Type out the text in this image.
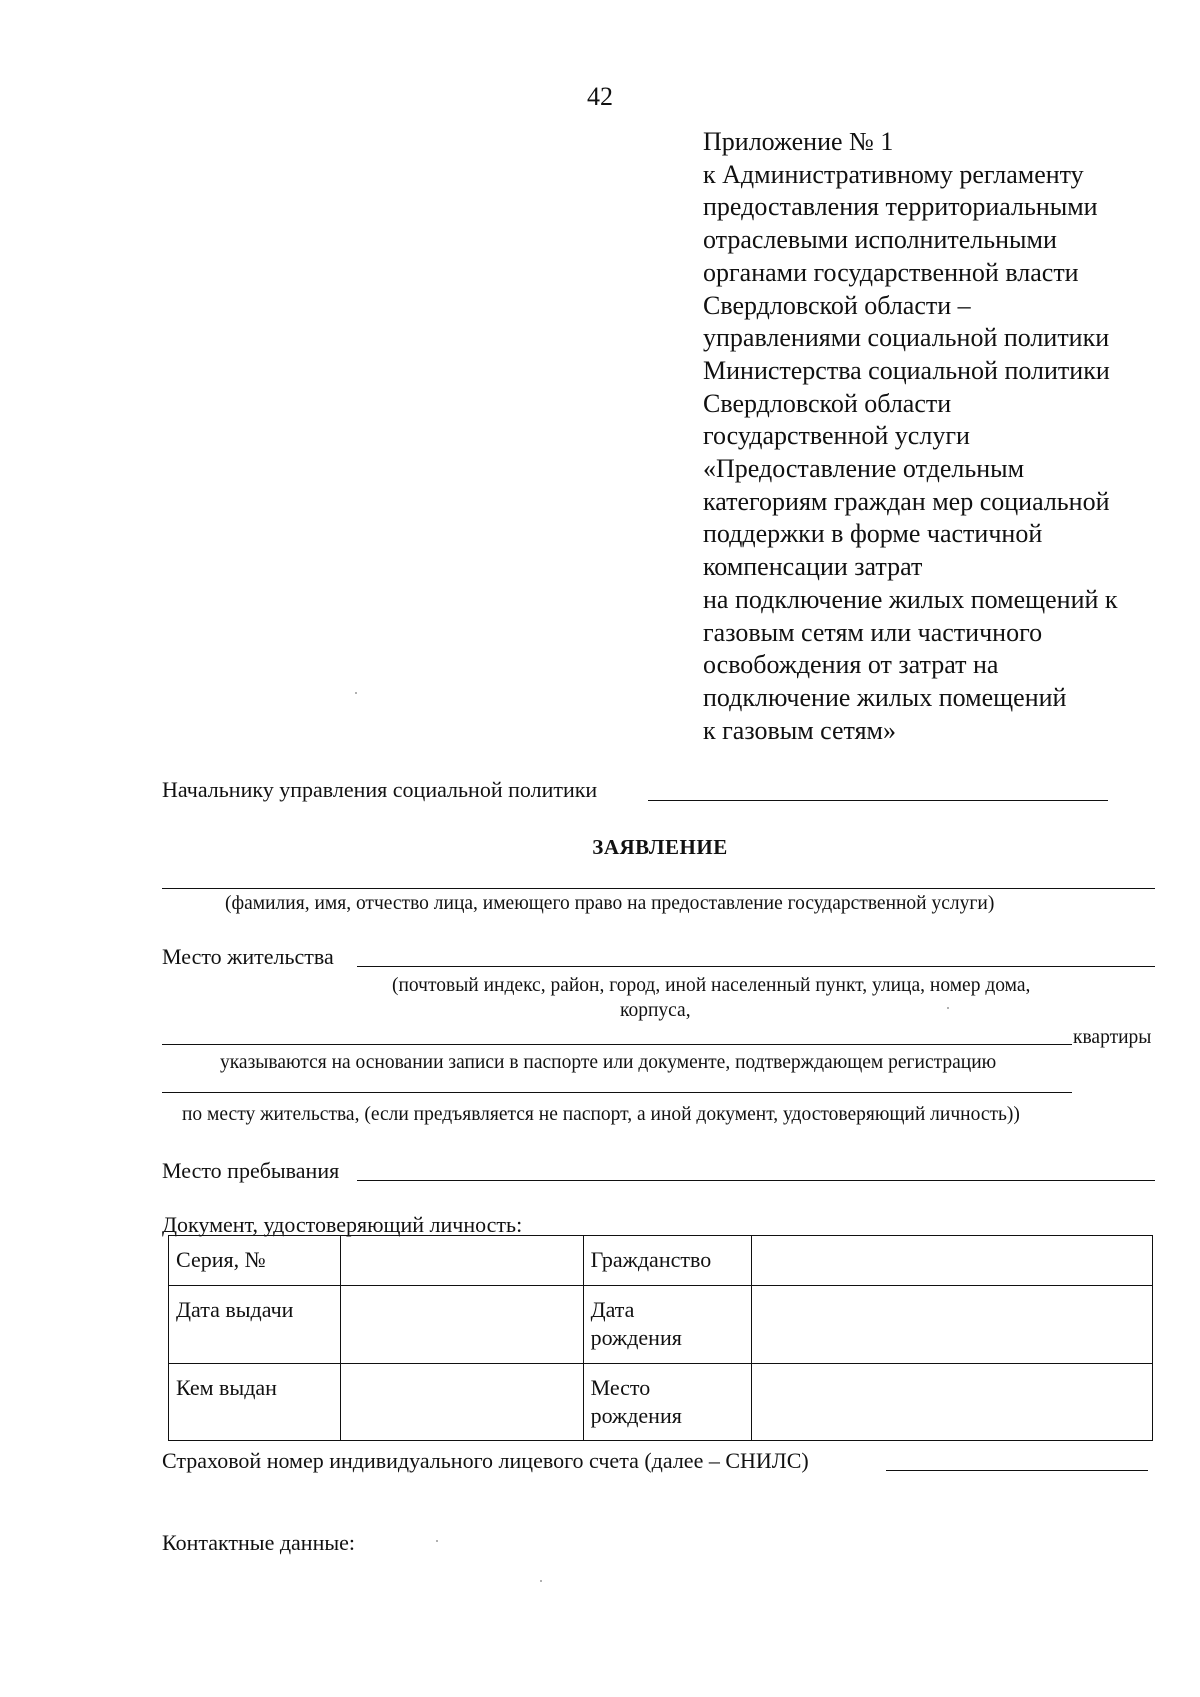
42
Приложение № 1
к Административному регламенту
предоставления территориальными
отраслевыми исполнительными
органами государственной власти
Свердловской области –
управлениями социальной политики
Министерства социальной политики
Свердловской области
государственной услуги
«Предоставление отдельным
категориям граждан мер социальной
поддержки в форме частичной
компенсации затрат
на подключение жилых помещений к
газовым сетям или частичного
освобождения от затрат на
подключение жилых помещений
к газовым сетям»
Начальнику управления социальной политики
ЗАЯВЛЕНИЕ
(фамилия, имя, отчество лица, имеющего право на предоставление государственной услуги)
Место жительства
(почтовый индекс, район, город, иной населенный пункт, улица, номер дома,
корпуса,
квартиры
указываются на основании записи в паспорте или документе, подтверждающем регистрацию
по месту жительства, (если предъявляется не паспорт, а иной документ, удостоверяющий личность))
Место пребывания
Документ, удостоверяющий личность:
Серия, №		Гражданство	
Дата выдачи		Дата
рождения	
Кем выдан		Место
рождения	
Страховой номер индивидуального лицевого счета (далее – СНИЛС)
Контактные данные:
